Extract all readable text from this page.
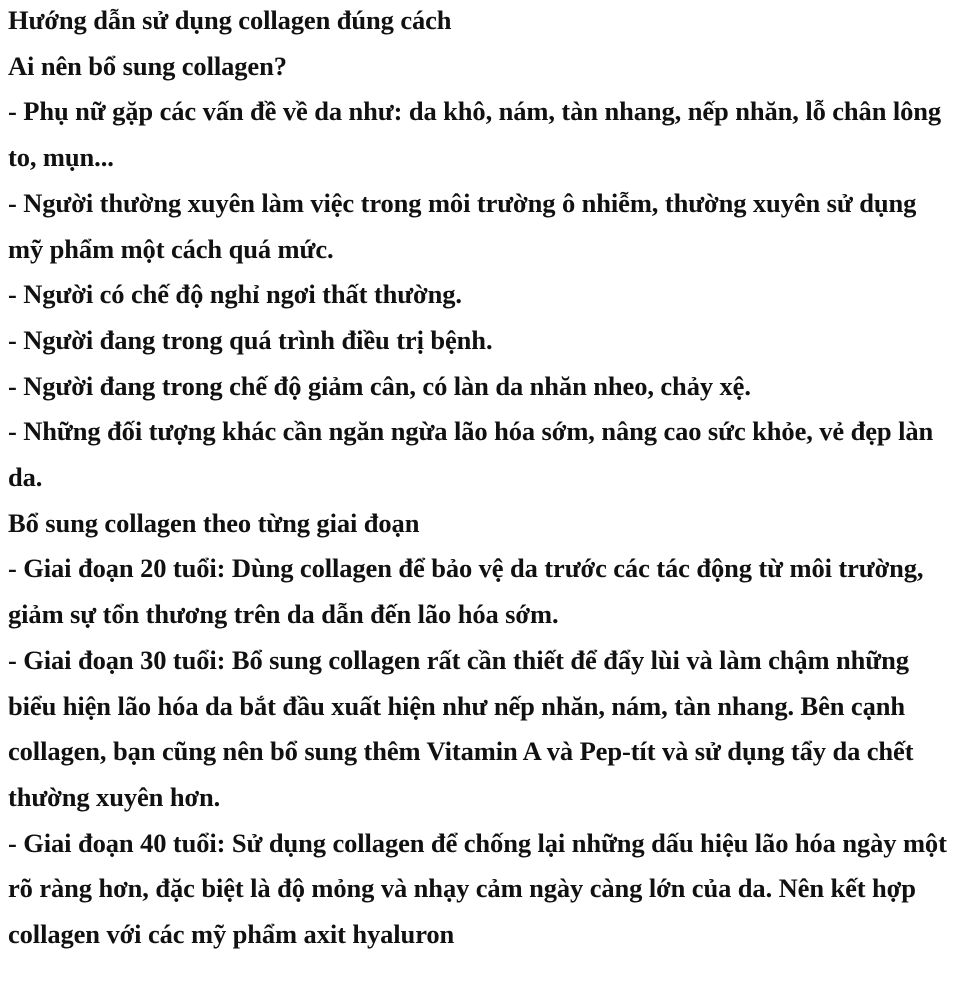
Hướng dẫn sử dụng collagen đúng cách
Ai nên bổ sung collagen?
- Phụ nữ gặp các vấn đề về da như: da khô, nám, tàn nhang, nếp nhăn, lỗ chân lông to, mụn...
- Người thường xuyên làm việc trong môi trường ô nhiễm, thường xuyên sử dụng mỹ phẩm một cách quá mức.
- Người có chế độ nghỉ ngơi thất thường.
- Người đang trong quá trình điều trị bệnh.
- Người đang trong chế độ giảm cân, có làn da nhăn nheo, chảy xệ.
- Những đối tượng khác cần ngăn ngừa lão hóa sớm, nâng cao sức khỏe, vẻ đẹp làn da.
Bổ sung collagen theo từng giai đoạn
- Giai đoạn 20 tuổi: Dùng collagen để bảo vệ da trước các tác động từ môi trường, giảm sự tổn thương trên da dẫn đến lão hóa sớm.
- Giai đoạn 30 tuổi: Bổ sung collagen rất cần thiết để đẩy lùi và làm chậm những biểu hiện lão hóa da bắt đầu xuất hiện như nếp nhăn, nám, tàn nhang. Bên cạnh collagen, bạn cũng nên bổ sung thêm Vitamin A và Pep-tít và sử dụng tẩy da chết thường xuyên hơn.
- Giai đoạn 40 tuổi: Sử dụng collagen để chống lại những dấu hiệu lão hóa ngày một rõ ràng hơn, đặc biệt là độ mỏng và nhạy cảm ngày càng lớn của da. Nên kết hợp collagen với các mỹ phẩm axit hyaluron
